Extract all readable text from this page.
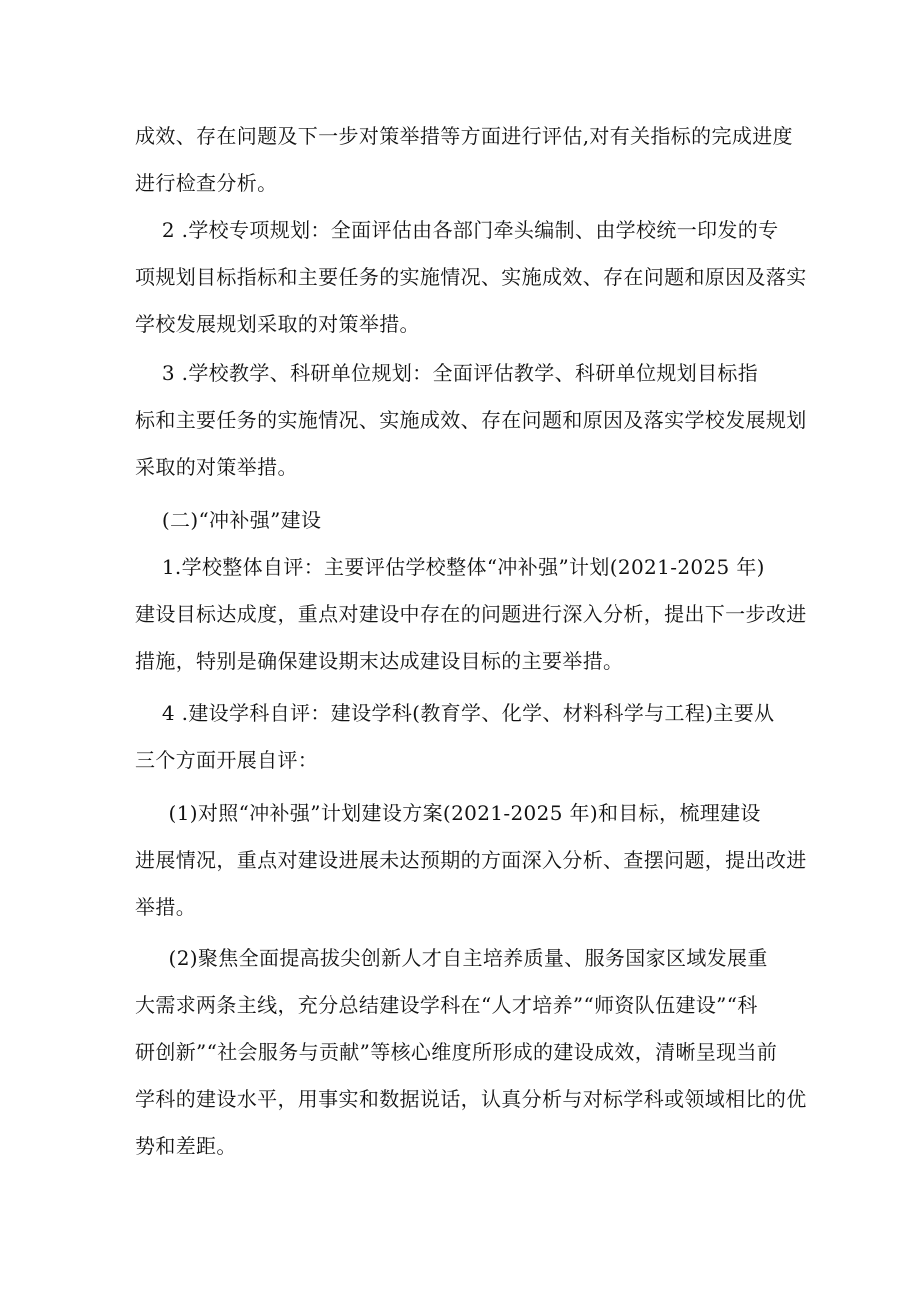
成效、存在问题及下一步对策举措等方面进行评估,对有关指标的完成进度
进行检查分析。

2 .学校专项规划：全面评估由各部门牵头编制、由学校统一印发的专
项规划目标指标和主要任务的实施情况、实施成效、存在问题和原因及落实
学校发展规划采取的对策举措。

3 .学校教学、科研单位规划：全面评估教学、科研单位规划目标指
标和主要任务的实施情况、实施成效、存在问题和原因及落实学校发展规划
采取的对策举措。

(二)“冲补强”建设

1.学校整体自评：主要评估学校整体“冲补强”计划(2021-2025 年)
建设目标达成度，重点对建设中存在的问题进行深入分析，提出下一步改进
措施，特别是确保建设期末达成建设目标的主要举措。

4 .建设学科自评：建设学科(教育学、化学、材料科学与工程)主要从
三个方面开展自评：

(1)对照“冲补强”计划建设方案(2021-2025 年)和目标，梳理建设
进展情况，重点对建设进展未达预期的方面深入分析、查摆问题，提出改进
举措。

(2)聚焦全面提高拔尖创新人才自主培养质量、服务国家区域发展重
大需求两条主线，充分总结建设学科在“人才培养”“师资队伍建设”“科
研创新”“社会服务与贡献”等核心维度所形成的建设成效，清晰呈现当前
学科的建设水平，用事实和数据说话，认真分析与对标学科或领域相比的优
势和差距。
